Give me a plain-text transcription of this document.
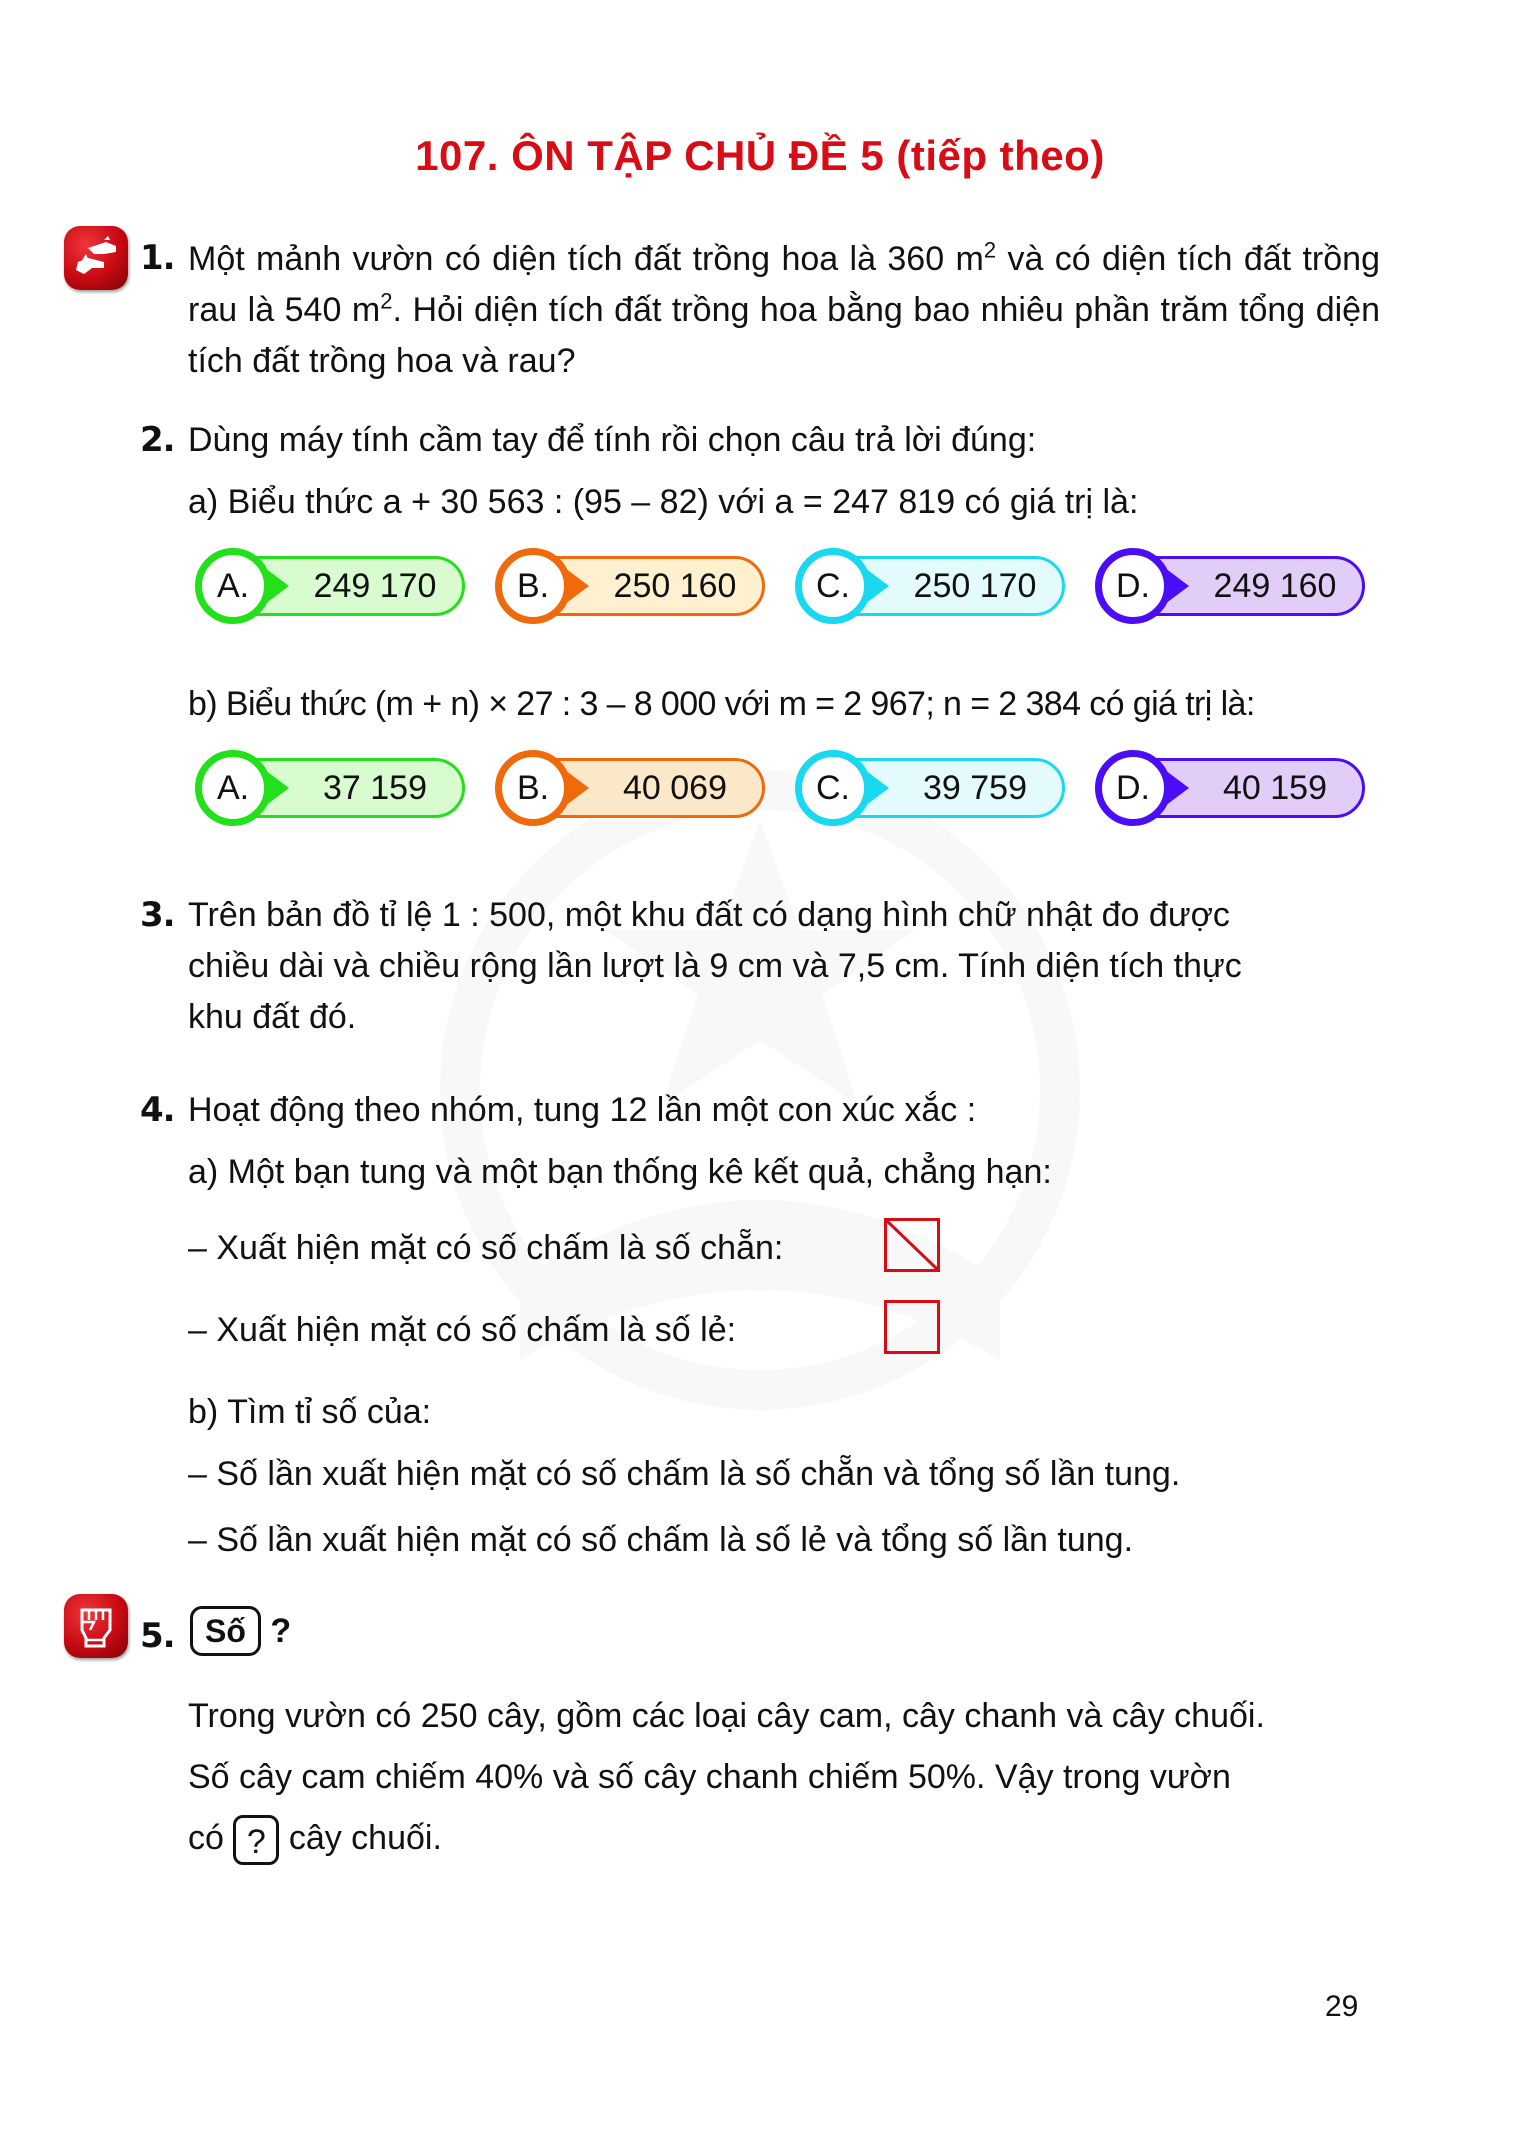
107. ÔN TẬP CHỦ ĐỀ 5 (tiếp theo)
1. Một mảnh vườn có diện tích đất trồng hoa là 360 $m^2$ và có diện tích đất trồng rau là 540 $m^2$. Hỏi diện tích đất trồng hoa bằng bao nhiêu phần trăm tổng diện tích đất trồng hoa và rau?
2. Dùng máy tính cầm tay để tính rồi chọn câu trả lời đúng:
a) Biểu thức a + 30 563 : (95 – 82) với a = 247 819 có giá trị là:
A.	249 170	B.	250 160	C.	250 170	D.	249 160
b) Biểu thức (m + n) × 27 : 3 – 8 000 với m = 2 967; n = 2 384 có giá trị là:
A.	37 159	B.	40 069	C.	39 759	D.	40 159
3. Trên bản đồ tỉ lệ 1 : 500, một khu đất có dạng hình chữ nhật đo được
chiều dài và chiều rộng lần lượt là 9 cm và 7,5 cm. Tính diện tích thực
khu đất đó.
4. Hoạt động theo nhóm, tung 12 lần một con xúc xắc :
a) Một bạn tung và một bạn thống kê kết quả, chẳng hạn:
– Xuất hiện mặt có số chấm là số chẵn:
– Xuất hiện mặt có số chấm là số lẻ:
b) Tìm tỉ số của:
– Số lần xuất hiện mặt có số chấm là số chẵn và tổng số lần tung.
– Số lần xuất hiện mặt có số chấm là số lẻ và tổng số lần tung.
5. Số ?
Trong vườn có 250 cây, gồm các loại cây cam, cây chanh và cây chuối.
Số cây cam chiếm 40% và số cây chanh chiếm 50%. Vậy trong vườn
có ? cây chuối.
29
